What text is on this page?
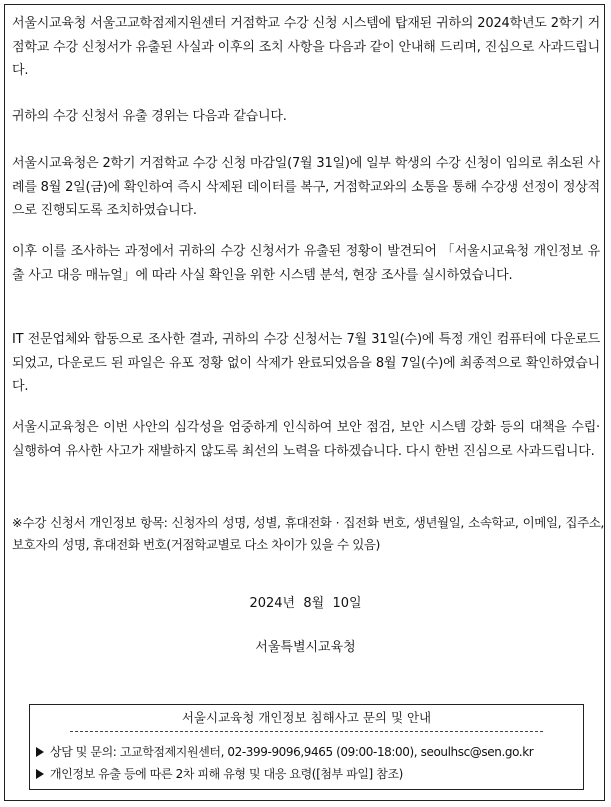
서울시교육청 서울고교학점제지원센터 거점학교 수강 신청 시스템에 탑재된 귀하의 2024학년도 2학기 거점학교 수강 신청서가 유출된 사실과 이후의 조치 사항을 다음과 같이 안내해 드리며, 진심으로 사과드립니다.

귀하의 수강 신청서 유출 경위는 다음과 같습니다.

서울시교육청은 2학기 거점학교 수강 신청 마감일(7월 31일)에 일부 학생의 수강 신청이 임의로 취소된 사례를 8월 2일(금)에 확인하여 즉시 삭제된 데이터를 복구, 거점학교와의 소통을 통해 수강생 선정이 정상적으로 진행되도록 조치하였습니다.

이후 이를 조사하는 과정에서 귀하의 수강 신청서가 유출된 정황이 발견되어 「서울시교육청 개인정보 유출 사고 대응 매뉴얼」에 따라 사실 확인을 위한 시스템 분석, 현장 조사를 실시하였습니다.

IT 전문업체와 합동으로 조사한 결과, 귀하의 수강 신청서는 7월 31일(수)에 특정 개인 컴퓨터에 다운로드 되었고, 다운로드 된 파일은 유포 정황 없이 삭제가 완료되었음을 8월 7일(수)에 최종적으로 확인하였습니다.

서울시교육청은 이번 사안의 심각성을 엄중하게 인식하여 보안 점검, 보안 시스템 강화 등의 대책을 수립·실행하여 유사한 사고가 재발하지 않도록 최선의 노력을 다하겠습니다. 다시 한번 진심으로 사과드립니다.

※수강 신청서 개인정보 항목: 신청자의 성명, 성별, 휴대전화 · 집전화 번호, 생년월일, 소속학교, 이메일, 집주소, 보호자의 성명, 휴대전화 번호(거점학교별로 다소 차이가 있을 수 있음)

2024년  8월  10일
서울특별시교육청
서울시교육청 개인정보 침해사고 문의 및 안내
상담 및 문의: 고교학점제지원센터, 02-399-9096,9465 (09:00-18:00), seoulhsc@sen.go.kr
개인정보 유출 등에 따른 2차 피해 유형 및 대응 요령([첨부 파일] 참조)
